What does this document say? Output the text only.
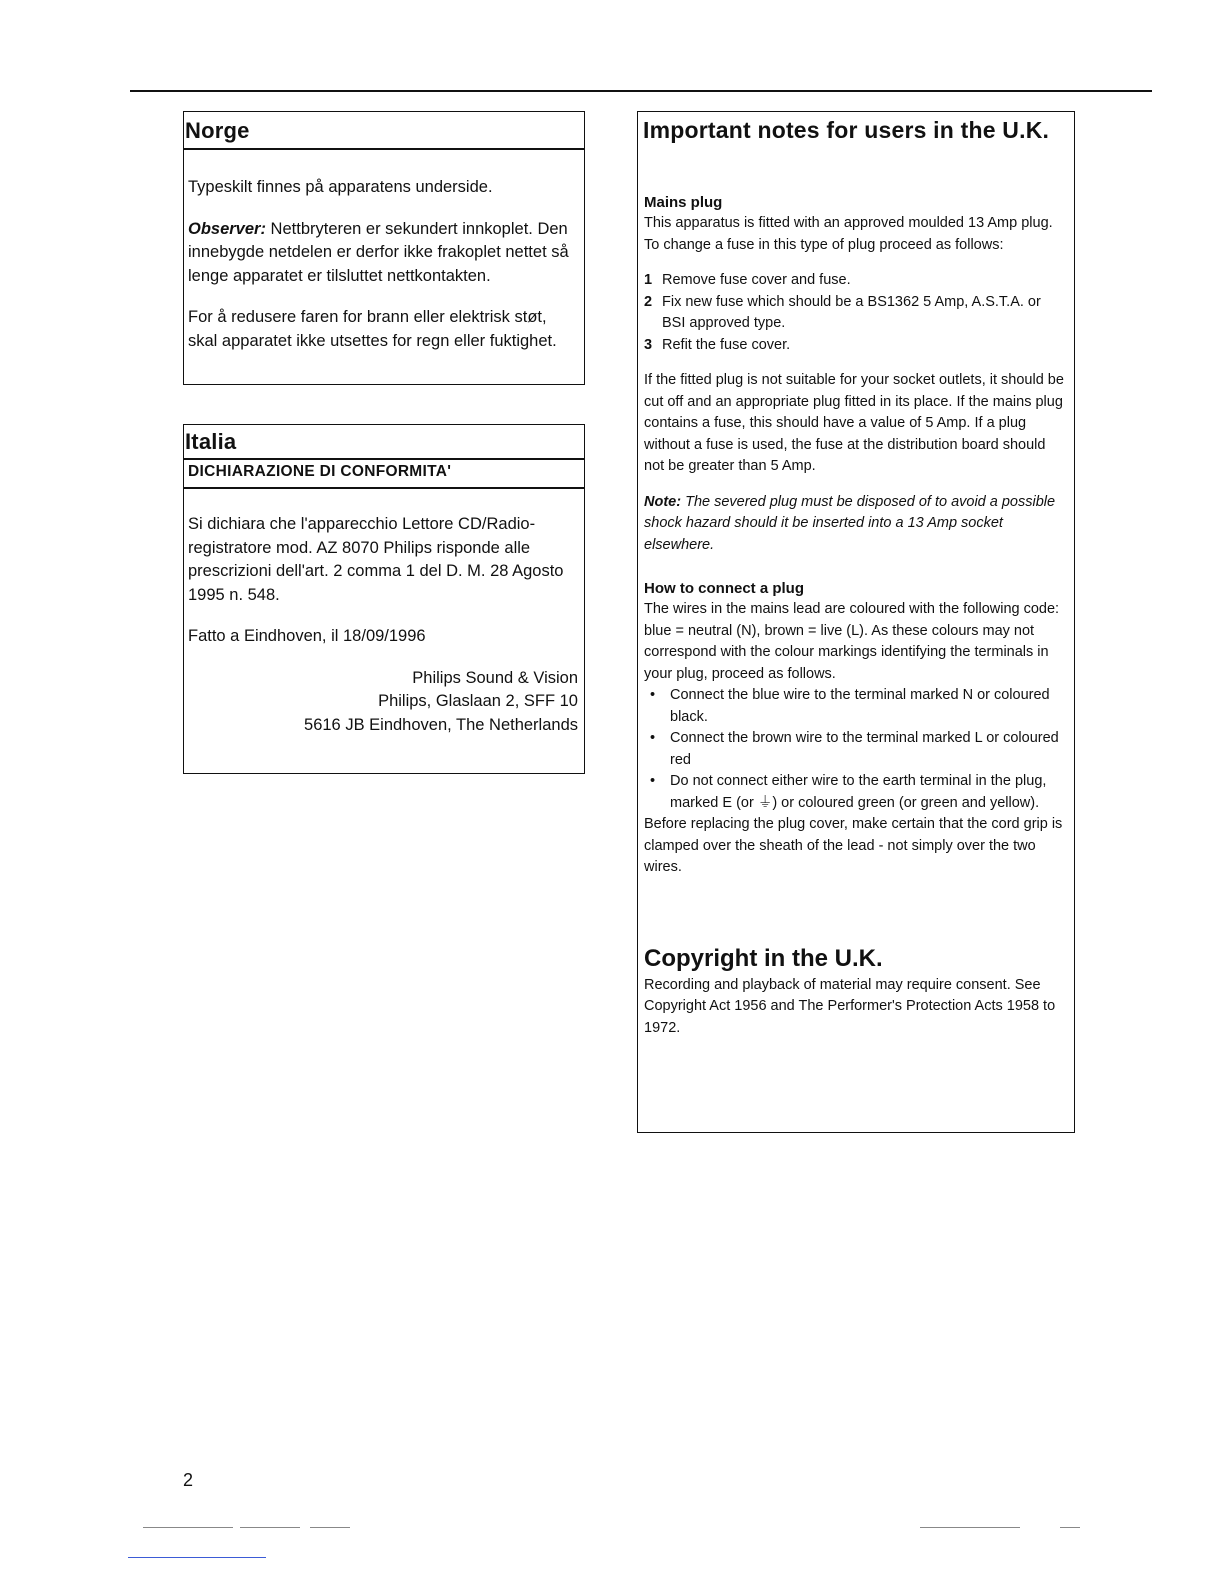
Norge

Typeskilt finnes på apparatens underside.

Observer: Nettbryteren er sekundert innkoplet. Den innebygde netdelen er derfor ikke frakoplet nettet så lenge apparatet er tilsluttet nettkontakten.

For å redusere faren for brann eller elektrisk støt, skal apparatet ikke utsettes for regn eller fuktighet.

Italia
DICHIARAZIONE DI CONFORMITA'

Si dichiara che l'apparecchio Lettore CD/Radio-registratore mod. AZ 8070 Philips risponde alle prescrizioni dell'art. 2 comma 1 del D. M. 28 Agosto 1995 n. 548.

Fatto a Eindhoven, il 18/09/1996

Philips Sound & Vision

Philips, Glaslaan 2, SFF 10

5616 JB Eindhoven, The Netherlands

Important notes for users in the U.K.

Mains plug

This apparatus is fitted with an approved moulded 13 Amp plug. To change a fuse in this type of plug proceed as follows:

1 Remove fuse cover and fuse.
2 Fix new fuse which should be a BS1362 5 Amp, A.S.T.A. or BSI approved type.
3 Refit the fuse cover.

If the fitted plug is not suitable for your socket outlets, it should be cut off and an appropriate plug fitted in its place. If the mains plug contains a fuse, this should have a value of 5 Amp. If a plug without a fuse is used, the fuse at the distribution board should not be greater than 5 Amp.

Note: The severed plug must be disposed of to avoid a possible shock hazard should it be inserted into a 13 Amp socket elsewhere.

How to connect a plug

The wires in the mains lead are coloured with the following code: blue = neutral (N), brown = live (L). As these colours may not correspond with the colour markings identifying the terminals in your plug, proceed as follows.

• Connect the blue wire to the terminal marked N or coloured black.
• Connect the brown wire to the terminal marked L or coloured red
• Do not connect either wire to the earth terminal in the plug, marked E (or ⏚) or coloured green (or green and yellow).

Before replacing the plug cover, make certain that the cord grip is clamped over the sheath of the lead - not simply over the two wires.

Copyright in the U.K.

Recording and playback of material may require consent. See Copyright Act 1956 and The Performer's Protection Acts 1958 to 1972.

2
